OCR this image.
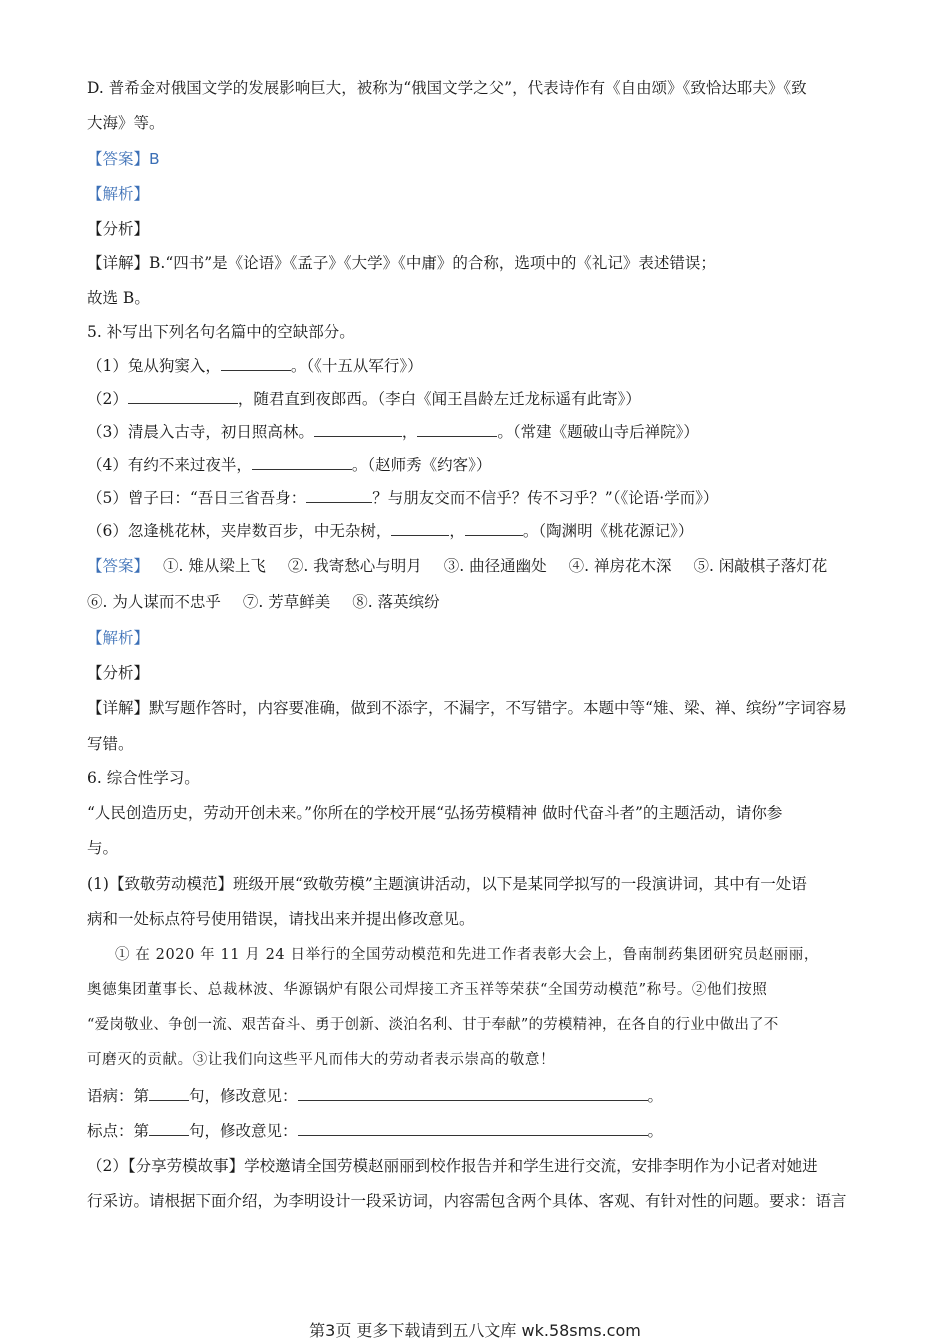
D. 普希金对俄国文学的发展影响巨大，被称为“俄国文学之父”，代表诗作有《自由颂》《致恰达耶夫》《致

大海》等。

【答案】B

【解析】

【分析】

【详解】B.“四书”是《论语》《孟子》《大学》《中庸》的合称，选项中的《礼记》表述错误；

故选 B。

5. 补写出下列名句名篇中的空缺部分。

（1）兔从狗窦入，	。（《十五从军行》）

（2）	，随君直到夜郎西。（李白《闻王昌龄左迁龙标遥有此寄》）

（3）清晨入古寺，初日照高林。	，	。（常建《题破山寺后禅院》）

（4）有约不来过夜半，	。（赵师秀《约客》）

（5）曾子曰：“吾日三省吾身：	？与朋友交而不信乎？传不习乎？”（《论语·学而》）

（6）忽逢桃花林，夹岸数百步，中无杂树，	，	。（陶渊明《桃花源记》）

【答案】 ①. 雉从梁上飞 ②. 我寄愁心与明月 ③. 曲径通幽处 ④. 禅房花木深 ⑤. 闲敲棋子落灯花

⑥. 为人谋而不忠乎 ⑦. 芳草鲜美 ⑧. 落英缤纷

【解析】

【分析】

【详解】默写题作答时，内容要准确，做到不添字，不漏字，不写错字。本题中等“雉、梁、禅、缤纷”字词容易

写错。

6. 综合性学习。

“人民创造历史，劳动开创未来。”你所在的学校开展“弘扬劳模精神 做时代奋斗者”的主题活动，请你参

与。

(1)【致敬劳动模范】班级开展“致敬劳模”主题演讲活动，以下是某同学拟写的一段演讲词，其中有一处语

病和一处标点符号使用错误，请找出来并提出修改意见。

① 在 2020 年 11 月 24 日举行的全国劳动模范和先进工作者表彰大会上，鲁南制药集团研究员赵丽丽，

奥德集团董事长、总裁林波、华源锅炉有限公司焊接工齐玉祥等荣获“全国劳动模范”称号。②他们按照

“爱岗敬业、争创一流、艰苦奋斗、勇于创新、淡泊名利、甘于奉献”的劳模精神，在各自的行业中做出了不

可磨灭的贡献。③让我们向这些平凡而伟大的劳动者表示崇高的敬意！

语病：第	句，修改意见：	。

标点：第	句，修改意见：	。

（2）【分享劳模故事】学校邀请全国劳模赵丽丽到校作报告并和学生进行交流，安排李明作为小记者对她进

行采访。请根据下面介绍，为李明设计一段采访词，内容需包含两个具体、客观、有针对性的问题。要求：语言

第3页 更多下载请到五八文库 wk.58sms.com
